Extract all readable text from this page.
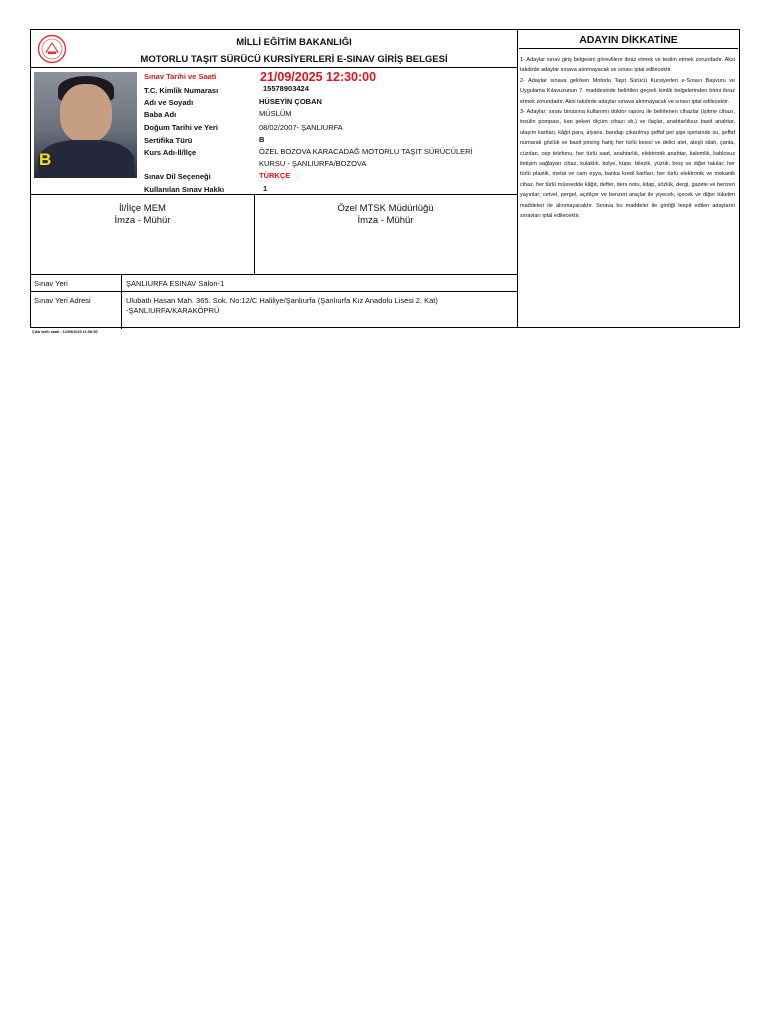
MİLLİ EĞİTİM BAKANLIĞI
MOTORLU TAŞIT SÜRÜCÜ KURSİYERLERİ E-SINAV GİRİŞ BELGESİ
B
Sınav Tarihi ve Saati	21/09/2025 12:30:00
T.C. Kimlik Numarası	15578903424
Adı ve Soyadı	HÜSEYİN ÇOBAN
Baba Adı	MÜSLÜM
Doğum Tarihi ve Yeri	08/02/2007- ŞANLIURFA
Sertifika Türü	B
Kurs Adı-İl/İlçe	ÖZEL BOZOVA KARACADAĞ MOTORLU TAŞIT SÜRÜCÜLERİ
KURSU - ŞANLIURFA/BOZOVA
Sınav Dil Seçeneği	TÜRKÇE
Kullanılan Sınav Hakkı	1
İl/İlçe MEM
İmza - Mühür
Özel MTSK Müdürlüğü
İmza - Mühür
Sınav Yeri	ŞANLIURFA ESINAV Salon-1
Sınav Yeri Adresi	Ulubatlı Hasan Mah. 365. Sok. No:12/C Haliliye/Şanlıurfa (Şanlıurfa Kız Anadolu Lisesi 2. Kat)
-ŞANLIURFA/KARAKÖPRÜ
ADAYIN DİKKATİNE

1- Adaylar sınav giriş belgesini görevlilere ibraz etmek ve teslim etmek zorundadır. Aksi takdirde adaylar sınava alınmayacak ve sınavı iptal edilecektir.

2- Adaylar sınava gelirken Motorlu Taşıt Sürücü Kursiyerleri e-Sınavı Başvuru ve Uygulama Kılavuzunun 7. maddesinde belirtilen geçerli kimlik belgelerinden birini ibraz etmek zorundadır. Aksi takdirde adaylar sınava alınmayacak ve sınavı iptal edilecektir.

3- Adaylar; sınav binasına kullanımı doktor raporu ile belirlenen cihazlar (işitme cihazı, insülin pompası, kan şekeri ölçüm cihazı vb.) ve ilaçlar, anahtarlıksız basit anahtar, ulaşım kartları, kâğıt para, alyans, bandajı çıkarılmış şeffaf pet şişe içerisinde su, şeffaf numaralı gözlük ve basit pirsing hariç her türlü kesici ve delici alet, ateşli silah, çanta, cüzdan, cep telefonu, her türlü saat, anahtarlık, elektronik anahtar, kalemlik, kablosuz iletişim sağlayan cihaz, kulaklık, kolye, küpe, bilezik, yüzük, broş ve diğer takılar; her türlü plastik, metal ve cam eşya, banka kredi kartları, her türlü elektronik ve mekanik cihaz, her türlü müsvedde kâğıt, defter, ders notu, kitap, sözlük, dergi, gazete ve benzeri yayınlar; cetvel, pergel, açıölçer ve benzeri araçlar ile yiyecek, içecek ve diğer tüketim maddeleri ile alınmayacaktır. Sınava bu maddeler ile girdiği tespit edilen adayların sınavları iptal edilecektir.

Çıktı tarih saati : 12/09/2025 11:56:50
